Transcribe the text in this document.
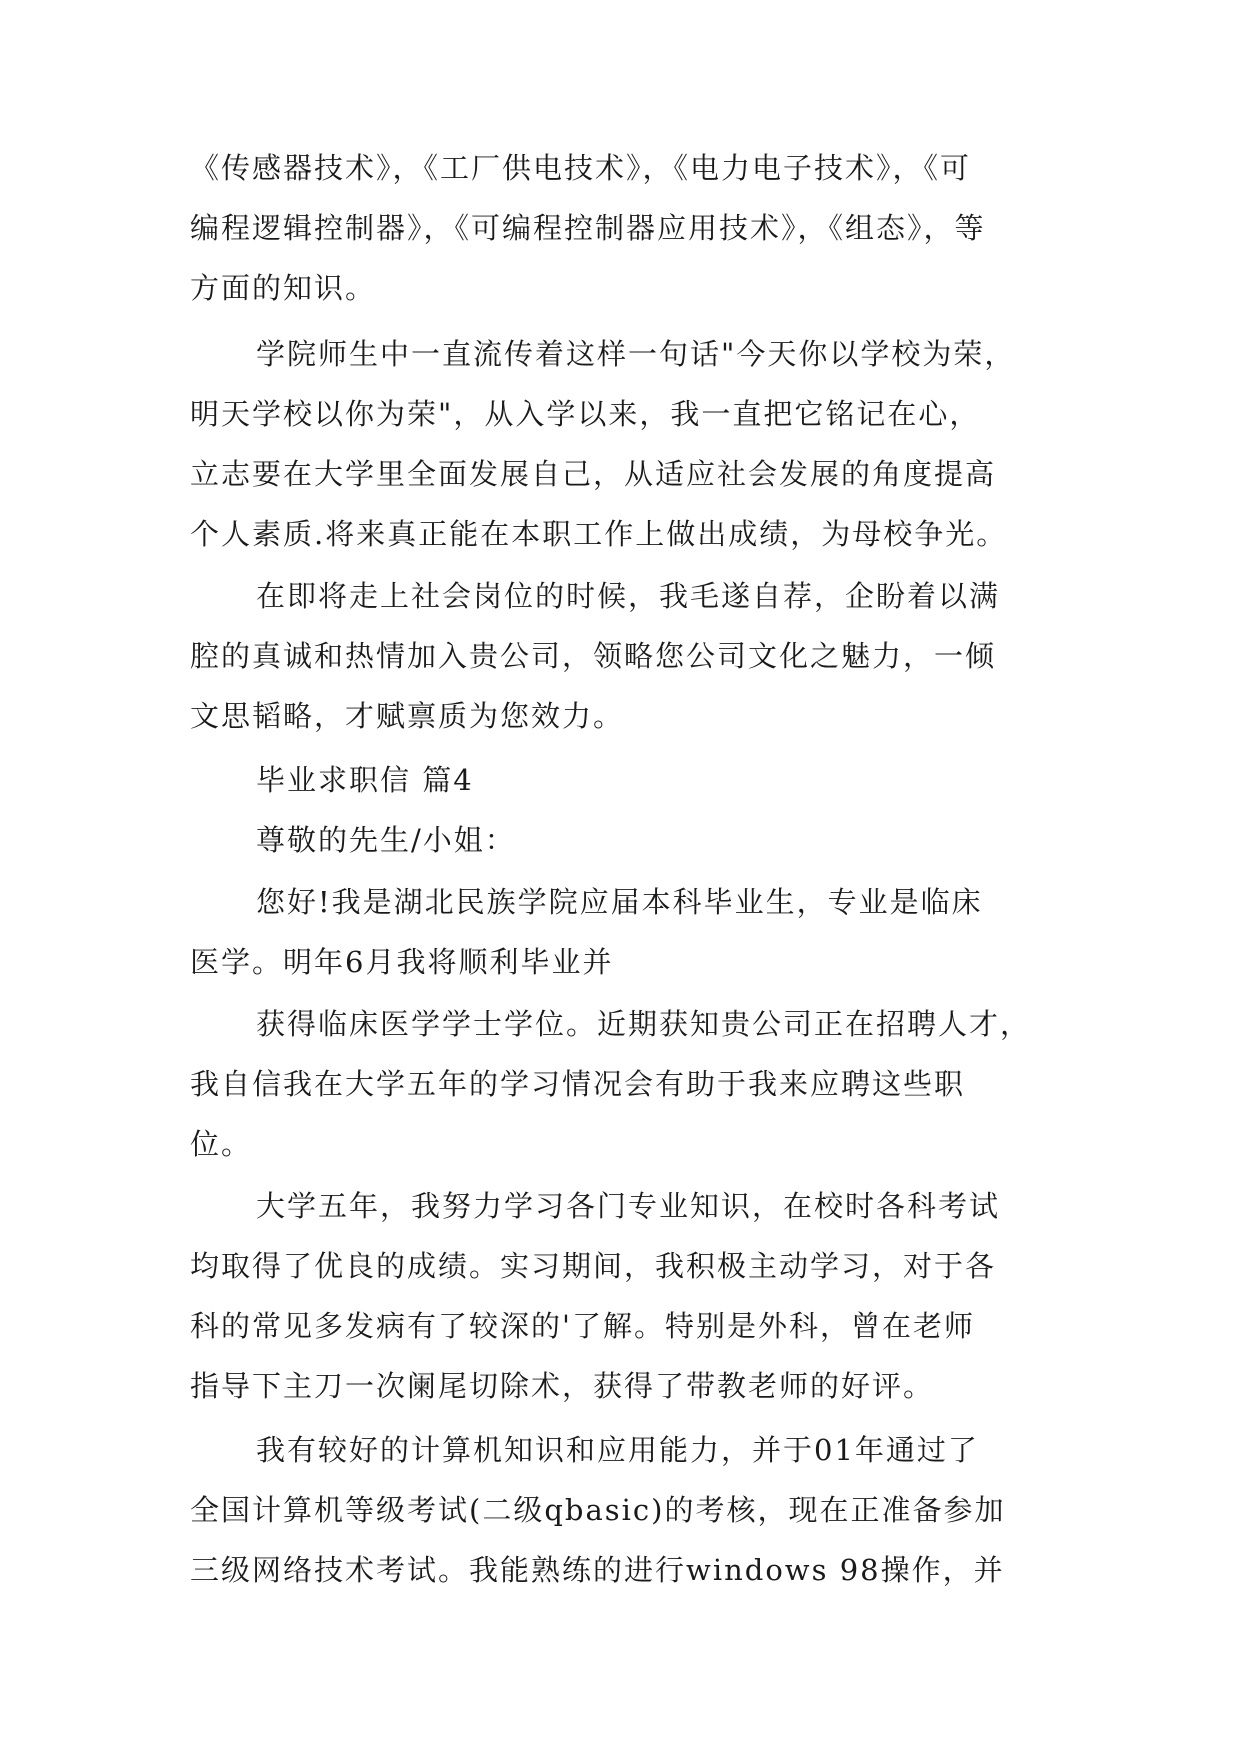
《传感器技术》，《工厂供电技术》，《电力电子技术》，《可
编程逻辑控制器》，《可编程控制器应用技术》，《组态》，等
方面的知识。
学院师生中一直流传着这样一句话"今天你以学校为荣，
明天学校以你为荣"，从入学以来，我一直把它铭记在心，
立志要在大学里全面发展自己，从适应社会发展的角度提高
个人素质.将来真正能在本职工作上做出成绩，为母校争光。
在即将走上社会岗位的时候，我毛遂自荐，企盼着以满
腔的真诚和热情加入贵公司，领略您公司文化之魅力，一倾
文思韬略，才赋禀质为您效力。
毕业求职信 篇4
尊敬的先生/小姐：
您好!我是湖北民族学院应届本科毕业生，专业是临床
医学。明年6月我将顺利毕业并
获得临床医学学士学位。近期获知贵公司正在招聘人才，
我自信我在大学五年的学习情况会有助于我来应聘这些职
位。
大学五年，我努力学习各门专业知识，在校时各科考试
均取得了优良的成绩。实习期间，我积极主动学习，对于各
科的常见多发病有了较深的'了解。特别是外科，曾在老师
指导下主刀一次阑尾切除术，获得了带教老师的好评。
我有较好的计算机知识和应用能力，并于01年通过了
全国计算机等级考试(二级qbasic)的考核，现在正准备参加
三级网络技术考试。我能熟练的进行windows 98操作，并
